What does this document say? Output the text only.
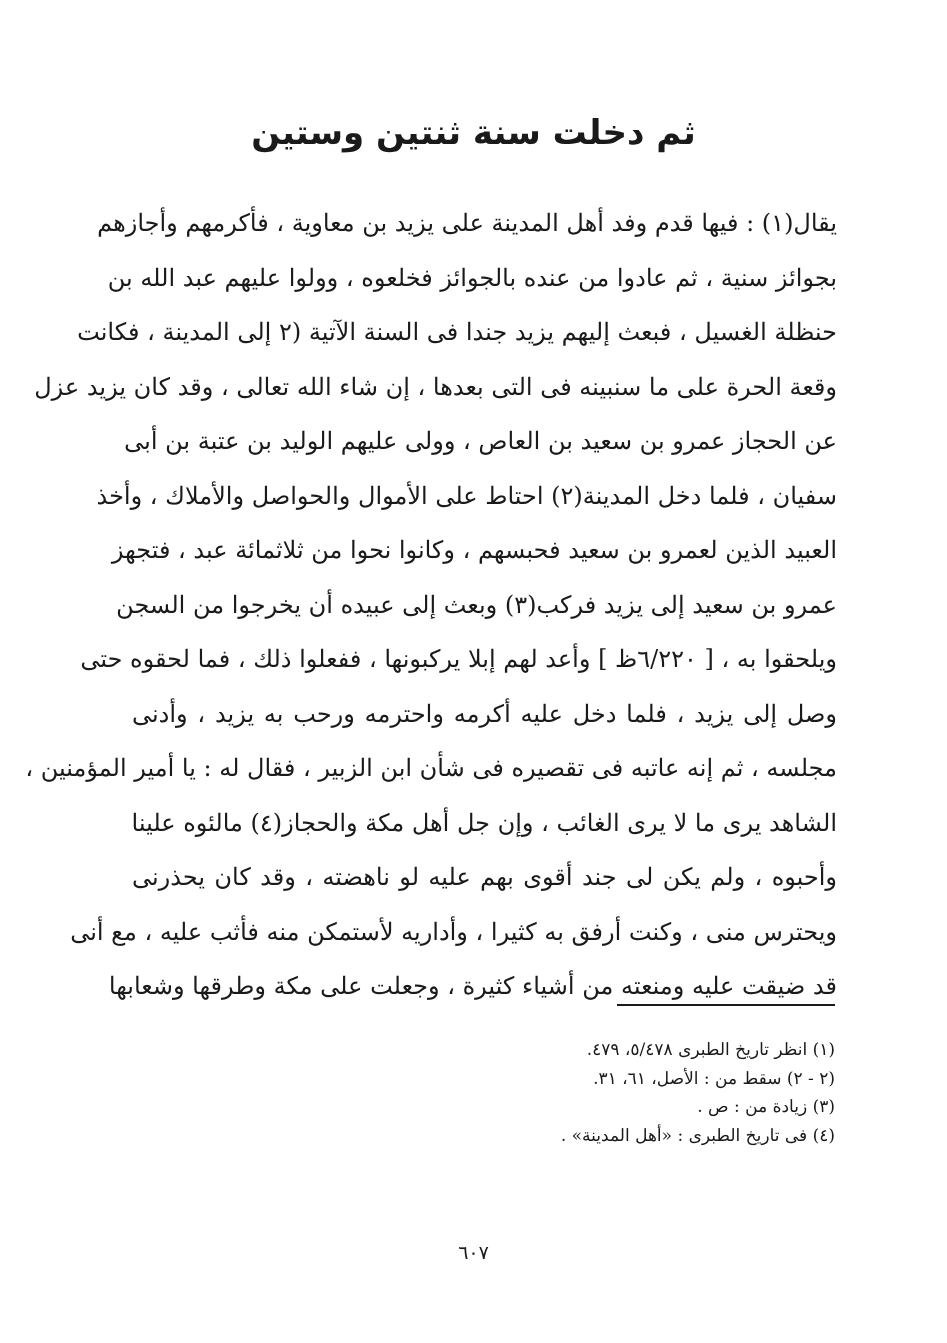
ثم دخلت سنة ثنتين وستين
يقال(١) : فيها قدم وفد أهل المدينة على يزيد بن معاوية ، فأكرمهم وأجازهم
بجوائز سنية ، ثم عادوا من عنده بالجوائز فخلعوه ، وولوا عليهم عبد الله بن
حنظلة الغسيل ، فبعث إليهم يزيد جندا فى السنة الآتية (٢ إلى المدينة ، فكانت
وقعة الحرة على ما سنبينه فى التى بعدها ، إن شاء الله تعالى ، وقد كان يزيد عزل
عن الحجاز عمرو بن سعيد بن العاص ، وولى عليهم الوليد بن عتبة بن أبى
سفيان ، فلما دخل المدينة(٢) احتاط على الأموال والحواصل والأملاك ، وأخذ
العبيد الذين لعمرو بن سعيد فحبسهم ، وكانوا نحوا من ثلاثمائة عبد ، فتجهز
عمرو بن سعيد إلى يزيد فركب(٣) وبعث إلى عبيده أن يخرجوا من السجن
ويلحقوا به ، [ ٦/٢٢٠ظ ] وأعد لهم إبلا يركبونها ، ففعلوا ذلك ، فما لحقوه حتى
وصل إلى يزيد ، فلما دخل عليه أكرمه واحترمه ورحب به يزيد ، وأدنى
مجلسه ، ثم إنه عاتبه فى تقصيره فى شأن ابن الزبير ، فقال له : يا أمير المؤمنين ،
الشاهد يرى ما لا يرى الغائب ، وإن جل أهل مكة والحجاز(٤) مالئوه علينا
وأحبوه ، ولم يكن لى جند أقوى بهم عليه لو ناهضته ، وقد كان يحذرنى
ويحترس منى ، وكنت أرفق به كثيرا ، وأداريه لأستمكن منه فأثب عليه ، مع أنى
قد ضيقت عليه ومنعته من أشياء كثيرة ، وجعلت على مكة وطرقها وشعابها
(١) انظر تاريخ الطبرى ٥/٤٧٨، ٤٧٩.
(٢ - ٢) سقط من : الأصل، ٦١، ٣١.
(٣) زيادة من : ص .
(٤) فى تاريخ الطبرى : «أهل المدينة» .
٦٠٧
